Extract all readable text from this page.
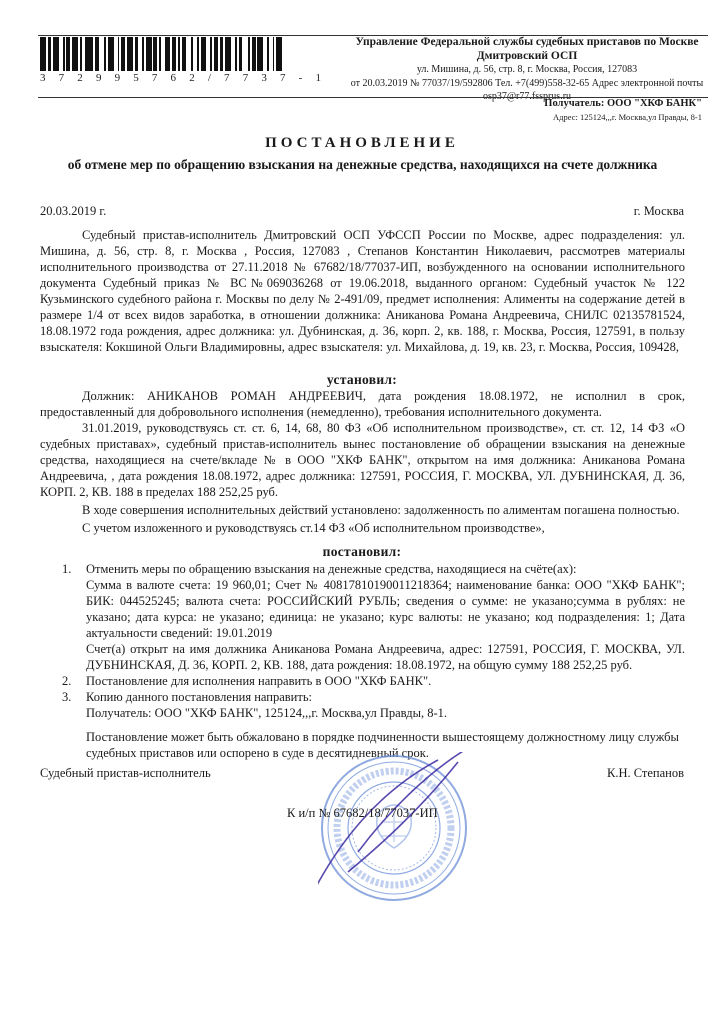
3 7 2 9 9 5 7 6 2 / 7 7 3 7 - 1
Управление Федеральной службы судебных приставов по Москве
Дмитровский ОСП
ул. Мишина, д. 56, стр. 8, г. Москва, Россия, 127083
от 20.03.2019 № 77037/19/592806 Тел. +7(499)558-32-65 Адрес электронной почты
Получатель: ООО "ХКФ БАНК"
Адрес: 125124,,,г. Москва,ул Правды, 8-1
ПОСТАНОВЛЕНИЕ
об отмене мер по обращению взыскания на денежные средства, находящихся на счете должника
20.03.2019 г.	г. Москва

Судебный пристав-исполнитель Дмитровский ОСП УФССП России по Москве, адрес подразделения: ул. Мишина, д. 56, стр. 8, г. Москва , Россия, 127083 , Степанов Константин Николаевич, рассмотрев материалы исполнительного производства от 27.11.2018 № 67682/18/77037-ИП, возбужденного на основании исполнительного документа Судебный приказ № ВС№069036268 от 19.06.2018, выданного органом: Судебный участок № 122 Кузьминского судебного района г. Москвы по делу № 2-491/09, предмет исполнения: Алименты на содержание детей в размере 1/4 от всех видов заработка, в отношении должника: Аниканова Романа Андреевича, СНИЛС 02135781524, 18.08.1972 года рождения, адрес должника: ул. Дубнинская, д. 36, корп. 2, кв. 188, г. Москва, Россия, 127591, в пользу взыскателя: Кокшиной Ольги Владимировны, адрес взыскателя: ул. Михайлова, д. 19, кв. 23, г. Москва, Россия, 109428,

установил:

Должник: АНИКАНОВ РОМАН АНДРЕЕВИЧ, дата рождения 18.08.1972, не исполнил в срок, предоставленный для добровольного исполнения (немедленно), требования исполнительного документа.

31.01.2019, руководствуясь ст. ст. 6, 14, 68, 80 ФЗ «Об исполнительном производстве», ст. ст. 12, 14 ФЗ «О судебных приставах», судебный пристав-исполнитель вынес постановление об обращении взыскания на денежные средства, находящиеся на счете/вкладе № в ООО "ХКФ БАНК", открытом на имя должника: Аниканова Романа Андреевича, , дата рождения 18.08.1972, адрес должника: 127591, РОССИЯ, Г. МОСКВА, УЛ. ДУБНИНСКАЯ, Д. 36, КОРП. 2, КВ. 188 в пределах 188 252,25 руб.

В ходе совершения исполнительных действий установлено: задолженность по алиментам погашена полностью.

С учетом изложенного и руководствуясь ст.14 ФЗ «Об исполнительном производстве»,

постановил:
1. Отменить меры по обращению взыскания на денежные средства, находящиеся на счёте(ах):
Сумма в валюте счета: 19 960,01; Счет № 40817810190011218364; наименование банка: ООО "ХКФ БАНК"; БИК: 044525245; валюта счета: РОССИЙСКИЙ РУБЛЬ; сведения о сумме: не указано;сумма в рублях: не указано; дата курса: не указано; единица: не указано; курс валюты: не указано; код подразделения: 1; Дата актуальности сведений: 19.01.2019
Счет(а) открыт на имя должника Аниканова Романа Андреевича, адрес: 127591, РОССИЯ, Г. МОСКВА, УЛ. ДУБНИНСКАЯ, Д. 36, КОРП. 2, КВ. 188, дата рождения: 18.08.1972, на общую сумму 188 252,25 руб.
2. Постановление для исполнения направить в ООО "ХКФ БАНК".
3. Копию данного постановления направить:
Получатель: ООО "ХКФ БАНК", 125124,,,г. Москва,ул Правды, 8-1.
Постановление может быть обжаловано в порядке подчиненности вышестоящему должностному лицу службы судебных приставов или оспорено в суде в десятидневный срок.
Судебный пристав-исполнитель	К.Н. Степанов
К и/п № 67682/18/77037-ИП
